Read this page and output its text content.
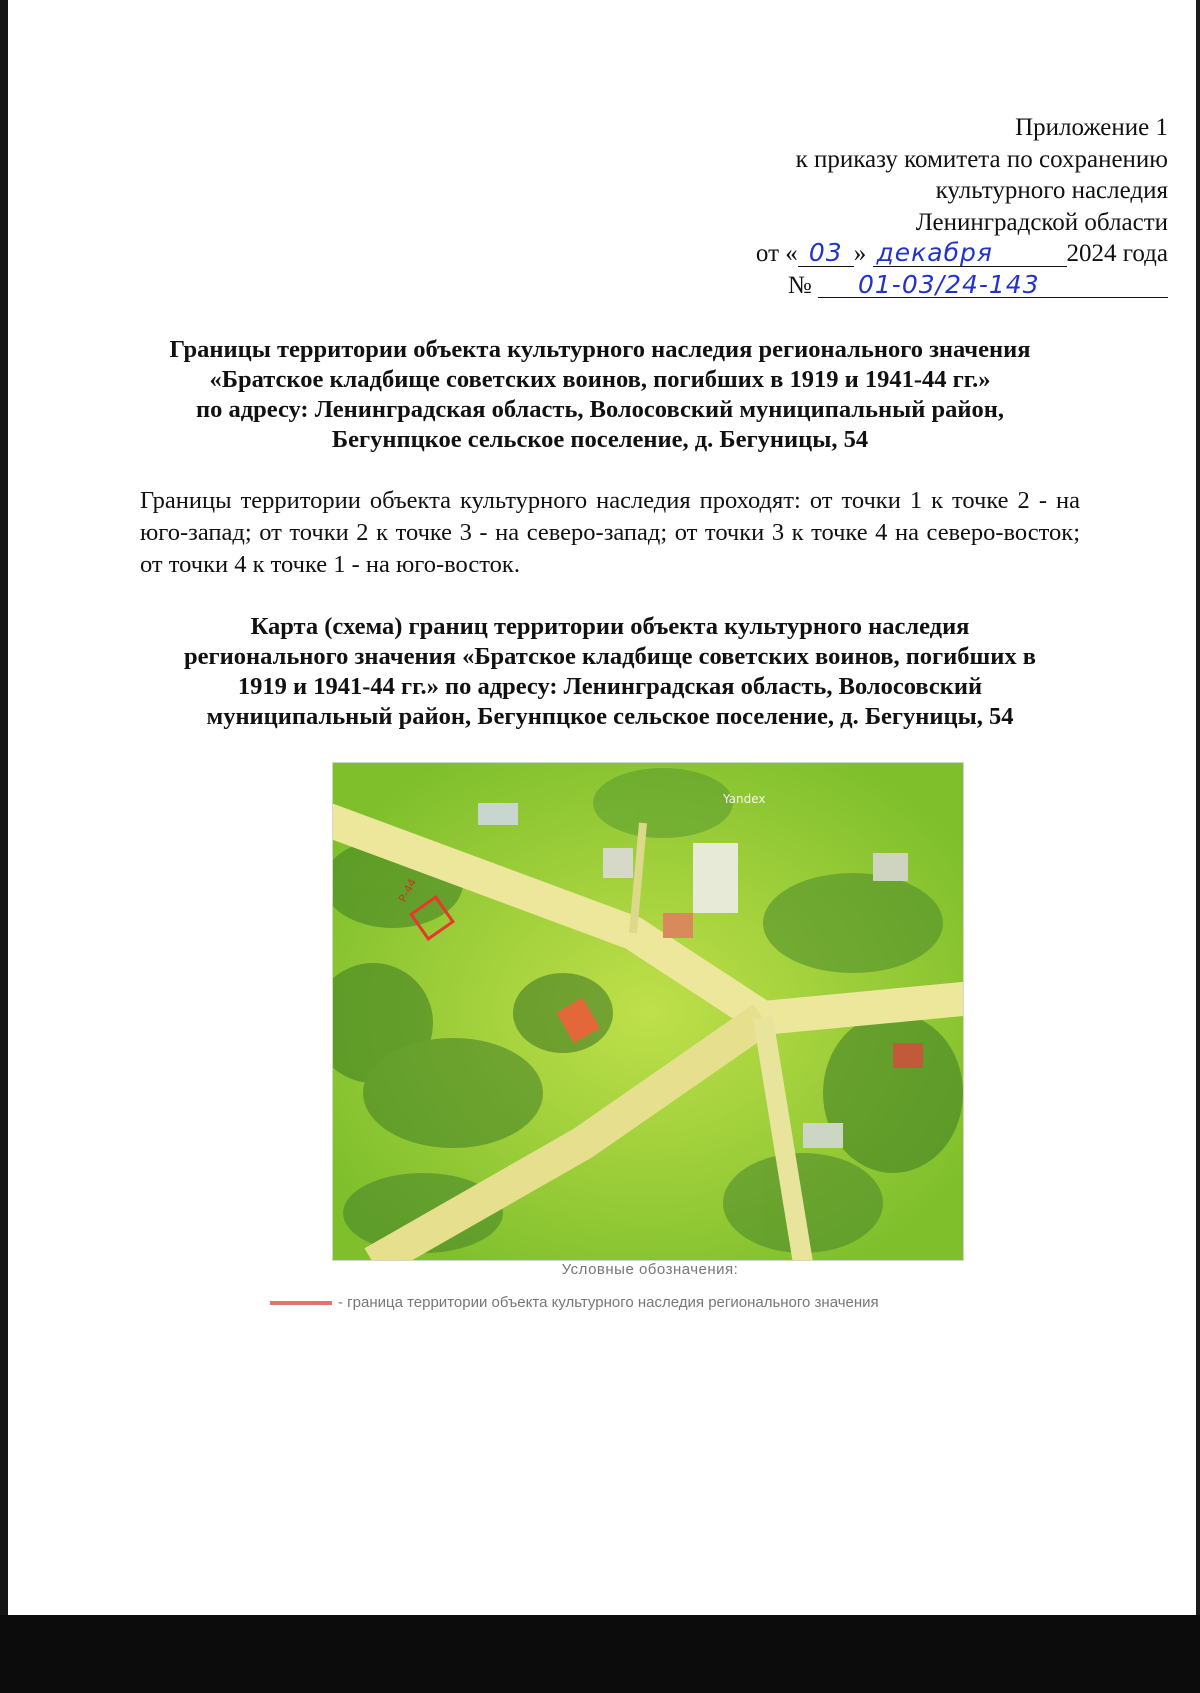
Приложение 1
к приказу комитета по сохранению
культурного наследия
Ленинградской области
от « 03 » декабря	2024 года
№ 01-03/24-143
Границы территории объекта культурного наследия регионального значения
«Братское кладбище советских воинов, погибших в 1919 и 1941-44 гг.»
по адресу: Ленинградская область, Волосовский муниципальный район,
Бегунпцкое сельское поселение, д. Бегуницы, 54
Границы территории объекта культурного наследия проходят: от точки 1 к точке 2 - на юго-запад; от точки 2 к точке 3 - на северо-запад; от точки 3 к точке 4 на северо-восток; от точки 4 к точке 1 - на юго-восток.
Карта (схема) границ территории объекта культурного наследия
регионального значения «Братское кладбище советских воинов, погибших в
1919 и 1941-44 гг.» по адресу: Ленинградская область, Волосовский
муниципальный район, Бегунпцкое сельское поселение, д. Бегуницы, 54
Yandex
Р-44
Условные обозначения:
- граница территории объекта культурного наследия регионального значения
